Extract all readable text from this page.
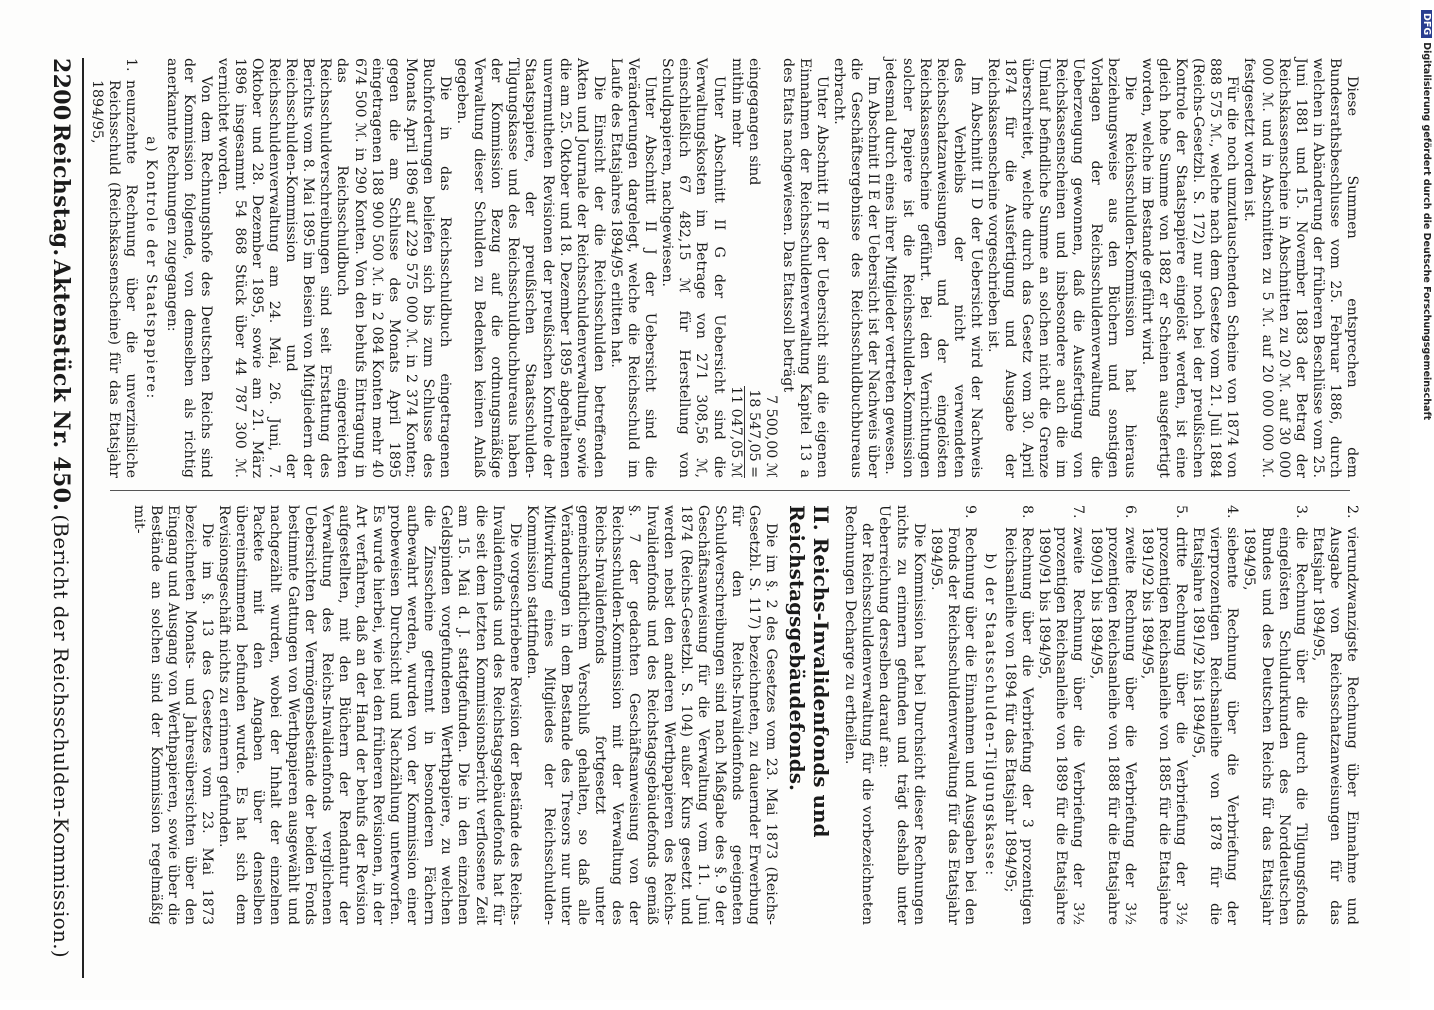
Diese Summen entsprechen dem Bundesrathsbeschlusse vom 25. Februar 1886, durch welchen in Abänderung der früheren Beschlüsse vom 25. Juni 1881 und 15. November 1883 der Betrag der Reichskassenscheine in Abschnitten zu 20 ℳ. auf 30 000 000 ℳ. und in Abschnitten zu 5 ℳ. auf 20 000 000 ℳ. festgesetzt worden ist.

Für die noch umzutauschenden Scheine von 1874 von 888 575 ℳ., welche nach dem Gesetze vom 21. Juli 1884 (Reichs-Gesetzbl. S. 172) nur noch bei der preußischen Kontrole der Staatspapiere eingelöst werden, ist eine gleich hohe Summe von 1882 er Scheinen ausgefertigt worden, welche im Bestande geführt wird.

Die Reichsschulden-Kommission hat hieraus beziehungsweise aus den Büchern und sonstigen Vorlagen der Reichsschuldenverwaltung die Ueberzeugung gewonnen, daß die Ausfertigung von Reichskassenscheinen und insbesondere auch die im Umlauf befindliche Summe an solchen nicht die Grenze überschreitet, welche durch das Gesetz vom 30. April 1874 für die Ausfertigung und Ausgabe der Reichskassenscheine vorgeschrieben ist.

Im Abschnitt II D der Uebersicht wird der Nachweis des Verbleibs der nicht verwendeten Reichsschatzanweisungen und der eingelösten Reichskassenscheine geführt. Bei den Vernichtungen solcher Papiere ist die Reichsschulden-Kommission jedesmal durch eines ihrer Mitglieder vertreten gewesen.

Im Abschnitt II E der Uebersicht ist der Nachweis über die Geschäftsergebnisse des Reichsschuldbuchbureaus erbracht.

Unter Abschnitt II F der Uebersicht sind die eigenen Einnahmen der Reichsschuldenverwaltung Kapitel 13 a des Etats nachgewiesen. Das Etatssoll beträgt

7 500,00 ℳ
eingegangen sind
18 547,05 =
mithin mehr
11 047,05 ℳ

Unter Abschnitt II G der Uebersicht sind die Verwaltungskosten im Betrage von 271 308,56 ℳ, einschließlich 67 482,15 ℳ für Herstellung von Schuldpapieren, nachgewiesen.

Unter Abschnitt II J der Uebersicht sind die Veränderungen dargelegt, welche die Reichsschuld im Laufe des Etatsjahres 1894/95 erlitten hat.

Die Einsicht der die Reichsschulden betreffenden Akten und Journale der Reichsschuldenverwaltung, sowie die am 25. Oktober und 18. Dezember 1895 abgehaltenen unvermutheten Revisionen der preußischen Kontrole der Staatspapiere, der preußischen Staatsschulden-Tilgungskasse und des Reichsschuldbuchbureaus haben der Kommission Bezug auf die ordnungsmäßige Verwaltung dieser Schulden zu Bedenken keinen Anlaß gegeben.

Die in das Reichsschuldbuch eingetragenen Buchforderungen beliefen sich bis zum Schlusse des Monats April 1896 auf 229 575 000 ℳ. in 2 374 Konten; gegen die am Schlusse des Monats April 1895 eingetragenen 188 900 500 ℳ. in 2 084 Konten mehr 40 674 500 ℳ. in 290 Konten. Von den behufs Eintragung in das Reichsschuldbuch eingereichten Reichsschuldverschreibungen sind seit Erstattung des Berichts vom 8. Mai 1895 im Beisein von Mitgliedern der Reichsschulden-Kommission und der Reichsschuldenverwaltung am 24. Mai, 26. Juni, 7. Oktober und 28. Dezember 1895, sowie am 21. März 1896 insgesammt 54 868 Stück über 44 787 300 ℳ. vernichtet worden.

Von dem Rechnungshofe des Deutschen Reichs sind der Kommission folgende, von demselben als richtig anerkannte Rechnungen zugegangen:

a) Kontrole der Staatspapiere:

1.
neunzehnte Rechnung über die unverzinsliche Reichsschuld (Reichskassenscheine) für das Etatsjahr 1894/95,
2.
vierundzwanzigste Rechnung über Einnahme und Ausgabe von Reichsschatzanweisungen für das Etatsjahr 1894/95,
3.
die Rechnung über die durch die Tilgungsfonds eingelösten Schuldurkunden des Norddeutschen Bundes und des Deutschen Reichs für das Etatsjahr 1894/95,
4.
siebente Rechnung über die Verbriefung der vierprozentigen Reichsanleihe von 1878 für die Etatsjahre 1891/92 bis 1894/95,
5.
dritte Rechnung über die Verbriefung der 3½ prozentigen Reichsanleihe von 1885 für die Etatsjahre 1891/92 bis 1894/95,
6.
zweite Rechnung über die Verbriefung der 3½ prozentigen Reichsanleihe von 1888 für die Etatsjahre 1890/91 bis 1894/95,
7.
zweite Rechnung über die Verbriefung der 3½ prozentigen Reichsanleihe von 1889 für die Etatsjahre 1890/91 bis 1894/95,
8.
Rechnung über die Verbriefung der 3 prozentigen Reichsanleihe von 1894 für das Etatsjahr 1894/95;

b) der Staatsschulden-Tilgungskasse:

9.
Rechnung über die Einnahmen und Ausgaben bei den Fonds der Reichsschuldenverwaltung für das Etatsjahr 1894/95.

Die Kommission hat bei Durchsicht dieser Rechnungen nichts zu erinnern gefunden und trägt deshalb unter Ueberreichung derselben darauf an:

der Reichsschuldenverwaltung für die vorbezeichneten Rechnungen Decharge zu ertheilen.

II. Reichs-Invalidenfonds und Reichstagsgebäudefonds.

Die im §. 2 des Gesetzes vom 23. Mai 1873 (Reichs-Gesetzbl. S. 117) bezeichneten, zu dauernder Erwerbung für den Reichs-Invalidenfonds geeigneten Schuldverschreibungen sind nach Maßgabe des §. 9 der Geschäftsanweisung für die Verwaltung vom 11. Juni 1874 (Reichs-Gesetzbl. S. 104) außer Kurs gesetzt und werden nebst den anderen Werthpapieren des Reichs-Invalidenfonds und des Reichstagsgebäudefonds gemäß §. 7 der gedachten Geschäftsanweisung von der Reichsschulden-Kommission mit der Verwaltung des Reichs-Invalidenfonds fortgesetzt unter gemeinschaftlichem Verschluß gehalten, so daß alle Veränderungen in dem Bestande des Tresors nur unter Mitwirkung eines Mitgliedes der Reichsschulden-Kommission stattfinden.

Die vorgeschriebene Revision der Bestände des Reichs-Invalidenfonds und des Reichstagsgebäudefonds hat für die seit dem letzten Kommissionsbericht verflossene Zeit am 15. Mai d. J. stattgefunden. Die in den einzelnen Geldspinden vorgefundenen Werthpapiere, zu welchen die Zinsscheine getrennt in besonderen Fächern aufbewahrt werden, wurden von der Kommission einer probeweisen Durchsicht und Nachzählung unterworfen. Es wurde hierbei, wie bei den früheren Revisionen, in der Art verfahren, daß an der Hand der behufs der Revision aufgestellten, mit den Büchern der Rendantur der Verwaltung des Reichs-Invalidenfonds verglichenen Uebersichten der Vermögensbestände der beiden Fonds bestimmte Gattungen von Werthpapieren ausgewählt und nachgezählt wurden, wobei der Inhalt der einzelnen Packete mit den Angaben über denselben übereinstimmend befunden wurde. Es hat sich dem Revisionsgeschäft nichts zu erinnern gefunden.

Die im §. 13 des Gesetzes vom 23. Mai 1873 bezeichneten Monats- und Jahresübersichten über den Eingang und Ausgang von Werthpapieren, sowie über die Bestände an solchen sind der Kommission regelmäßig mit-

2200
Reichstag.
Aktenstück Nr. 450.
(Bericht der Reichsschulden-Kommission.)
DFGDigitalisierung gefördert durch die Deutsche Forschungsgemeinschaft
